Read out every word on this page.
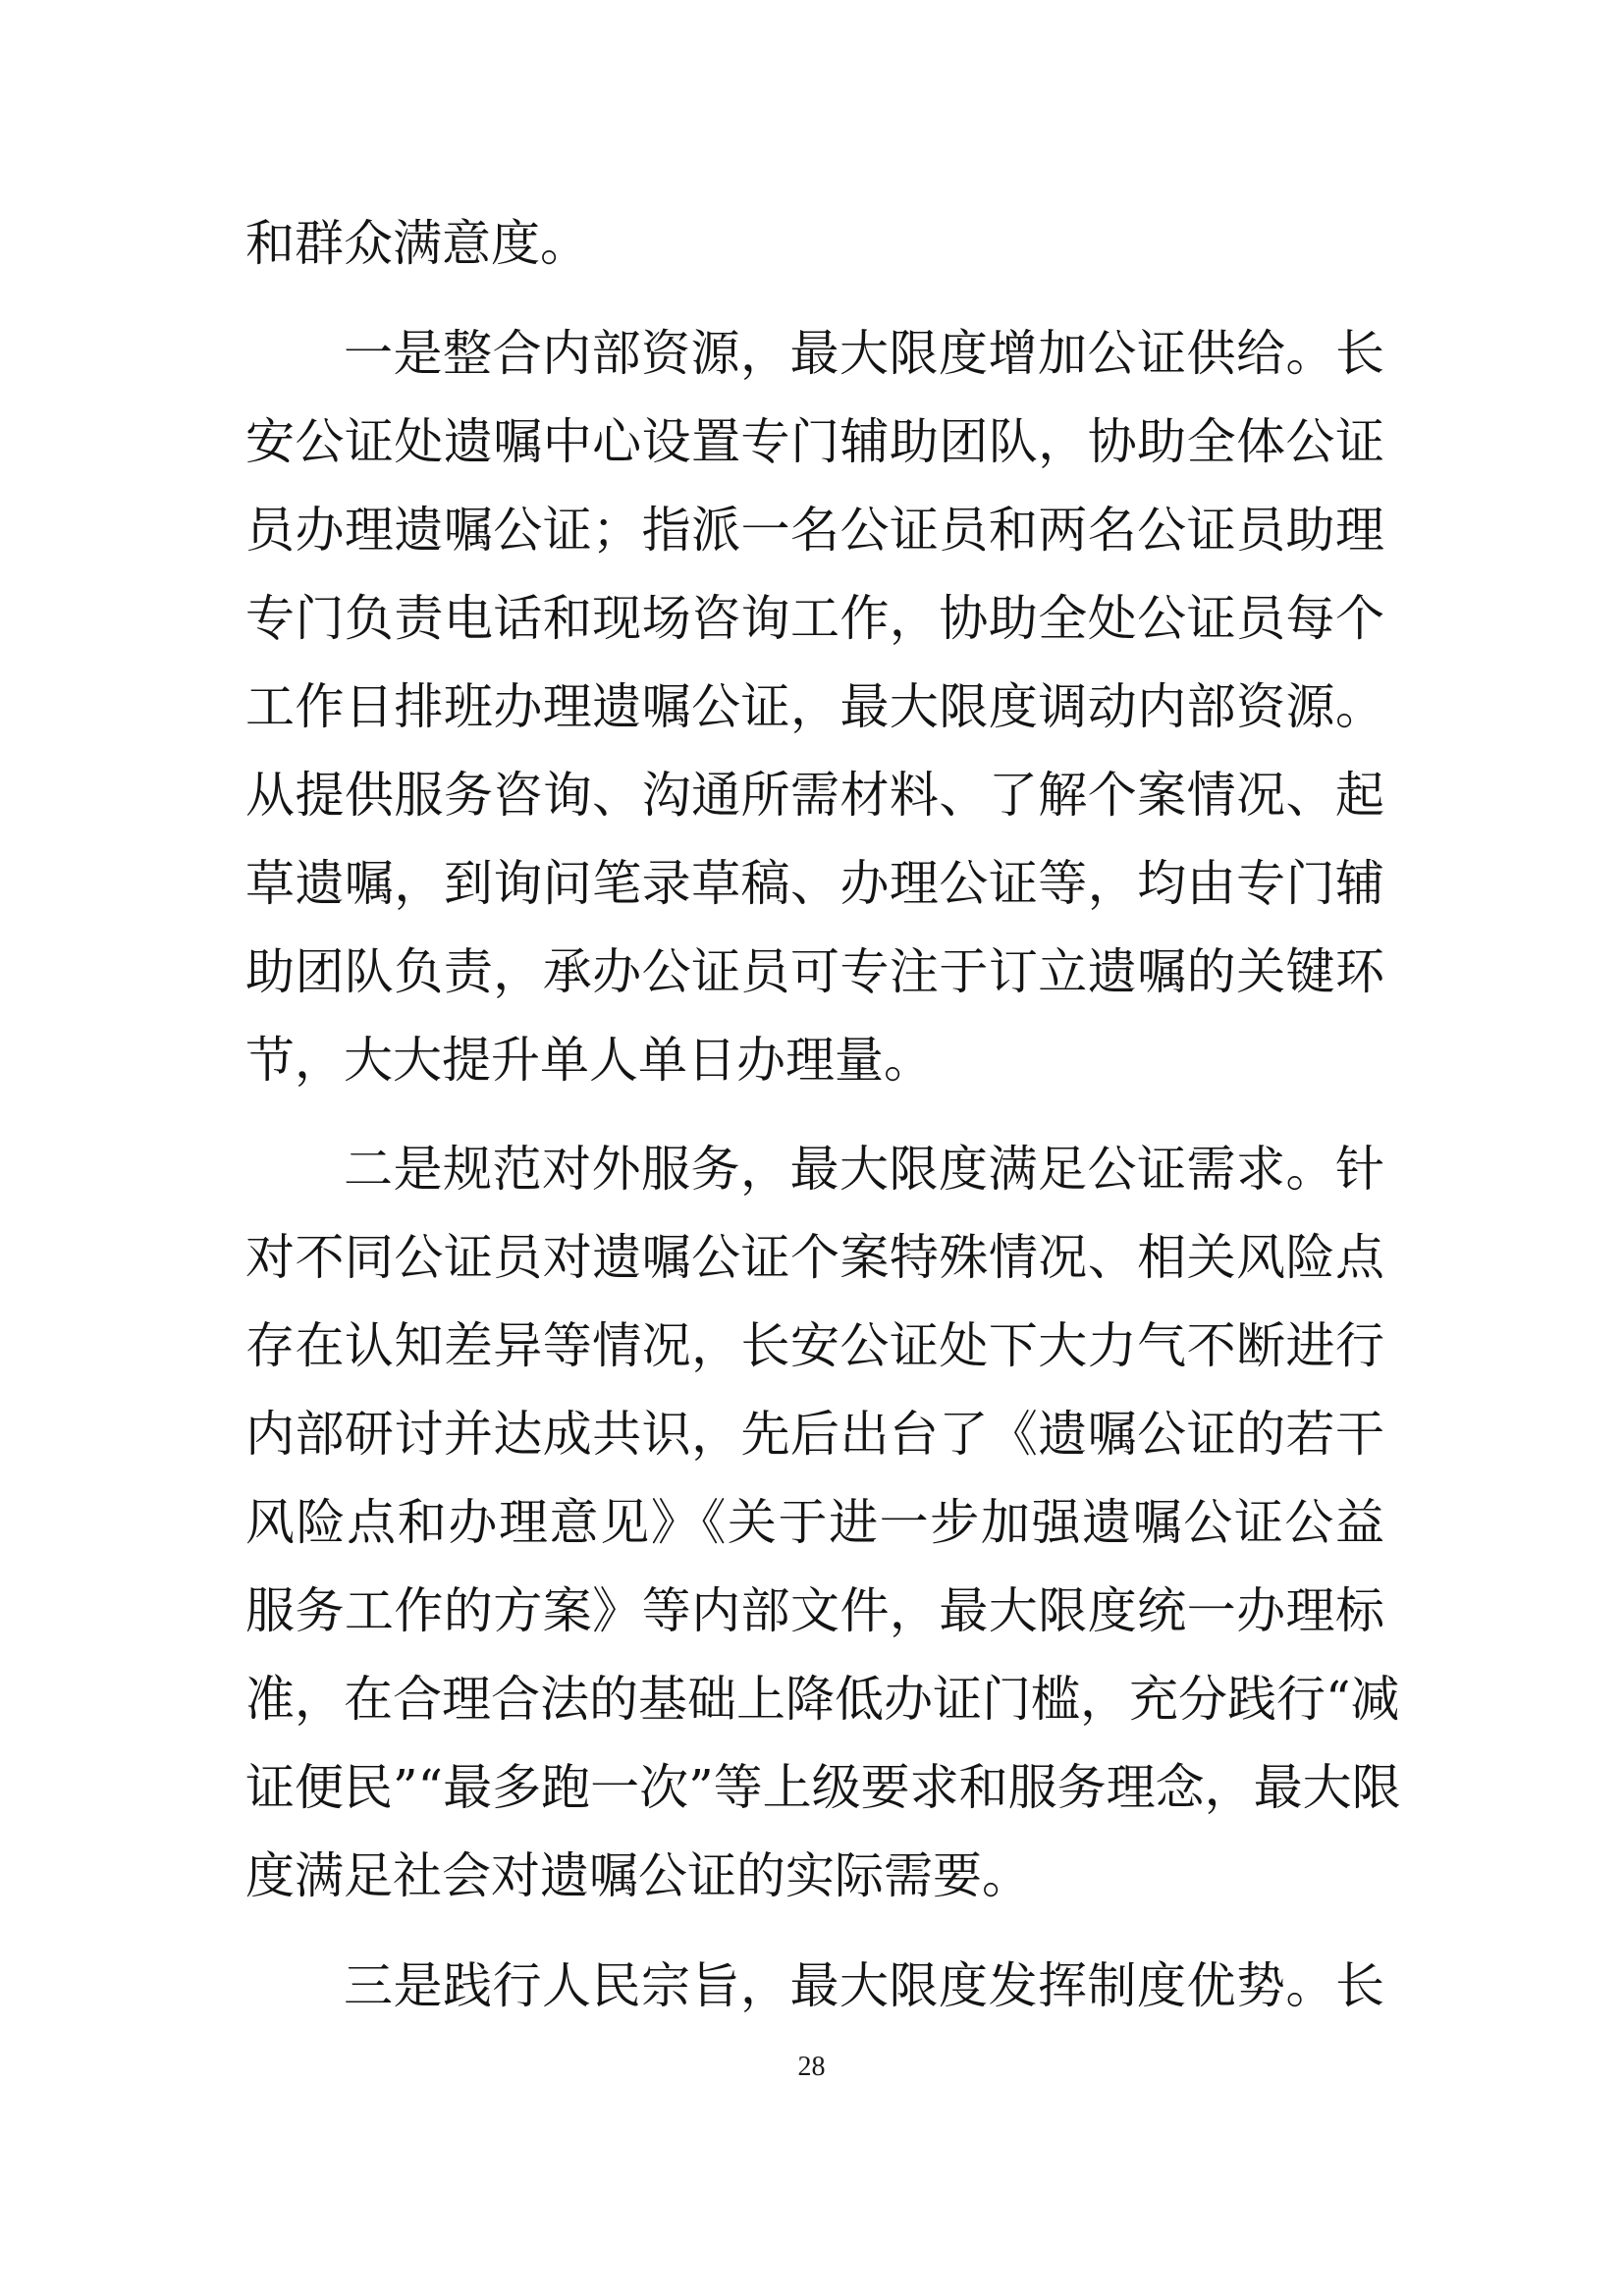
和群众满意度。
一是整合内部资源，最大限度增加公证供给。长
安公证处遗嘱中心设置专门辅助团队，协助全体公证
员办理遗嘱公证；指派一名公证员和两名公证员助理
专门负责电话和现场咨询工作，协助全处公证员每个
工作日排班办理遗嘱公证，最大限度调动内部资源。
从提供服务咨询、沟通所需材料、了解个案情况、起
草遗嘱，到询问笔录草稿、办理公证等，均由专门辅
助团队负责，承办公证员可专注于订立遗嘱的关键环
节，大大提升单人单日办理量。
二是规范对外服务，最大限度满足公证需求。针
对不同公证员对遗嘱公证个案特殊情况、相关风险点
存在认知差异等情况，长安公证处下大力气不断进行
内部研讨并达成共识，先后出台了《遗嘱公证的若干
风险点和办理意见》《关于进一步加强遗嘱公证公益
服务工作的方案》等内部文件，最大限度统一办理标
准，在合理合法的基础上降低办证门槛，充分践行“减
证便民”“最多跑一次”等上级要求和服务理念，最大限
度满足社会对遗嘱公证的实际需要。
三是践行人民宗旨，最大限度发挥制度优势。长
28
